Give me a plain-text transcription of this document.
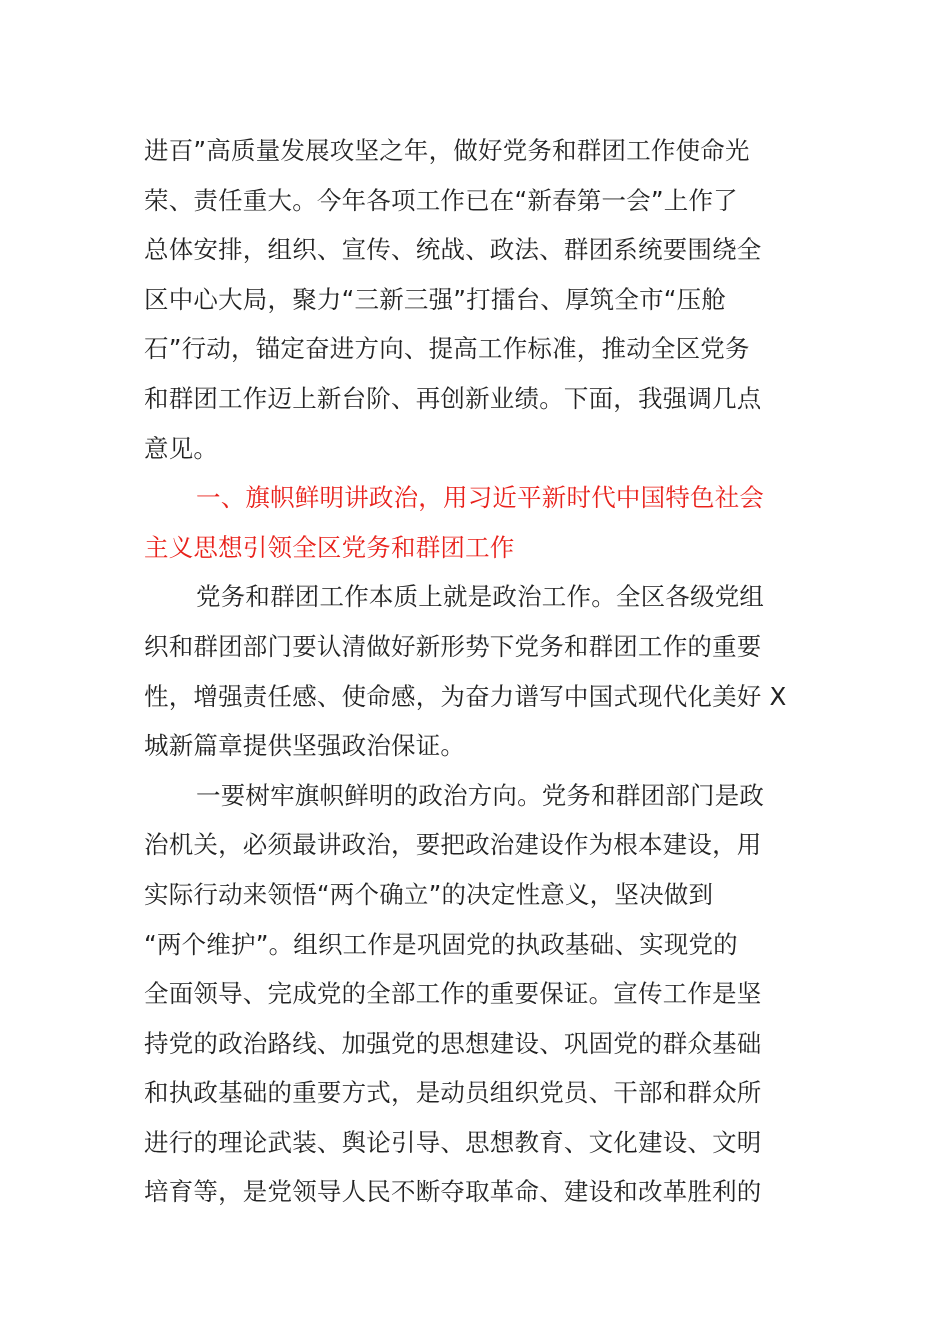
进百”高质量发展攻坚之年，做好党务和群团工作使命光
荣、责任重大。今年各项工作已在“新春第一会”上作了
总体安排，组织、宣传、统战、政法、群团系统要围绕全
区中心大局，聚力“三新三强”打擂台、厚筑全市“压舱
石”行动，锚定奋进方向、提高工作标准，推动全区党务
和群团工作迈上新台阶、再创新业绩。下面，我强调几点
意见。
一、旗帜鲜明讲政治，用习近平新时代中国特色社会
主义思想引领全区党务和群团工作
党务和群团工作本质上就是政治工作。全区各级党组
织和群团部门要认清做好新形势下党务和群团工作的重要
性，增强责任感、使命感，为奋力谱写中国式现代化美好 X
城新篇章提供坚强政治保证。
一要树牢旗帜鲜明的政治方向。党务和群团部门是政
治机关，必须最讲政治，要把政治建设作为根本建设，用
实际行动来领悟“两个确立”的决定性意义，坚决做到
“两个维护”。组织工作是巩固党的执政基础、实现党的
全面领导、完成党的全部工作的重要保证。宣传工作是坚
持党的政治路线、加强党的思想建设、巩固党的群众基础
和执政基础的重要方式，是动员组织党员、干部和群众所
进行的理论武装、舆论引导、思想教育、文化建设、文明
培育等，是党领导人民不断夺取革命、建设和改革胜利的
